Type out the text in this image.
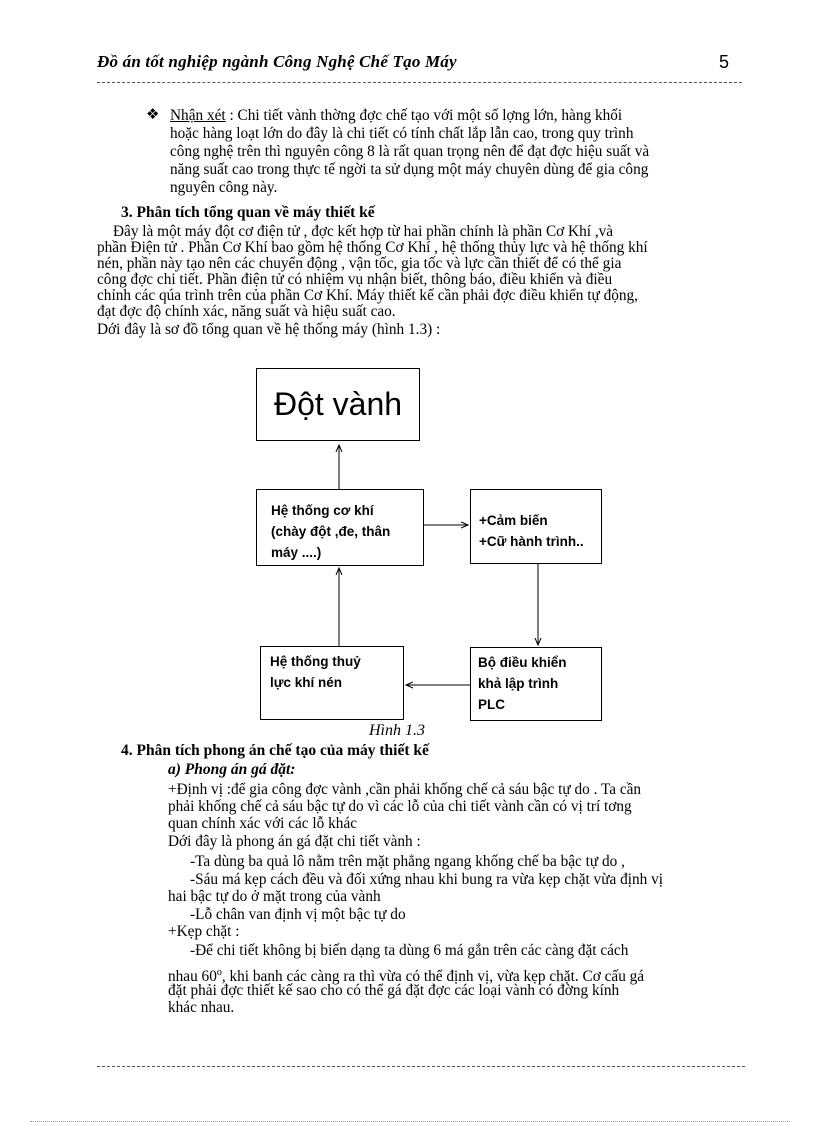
Đồ án tốt nghiệp ngành Công Nghệ Chế Tạo Máy	5
❖ Nhận xét : Chi tiết vành thờng đợc chế tạo với một số lợng lớn, hàng khối
hoặc hàng loạt lớn do đây là chi tiết có tính chất lắp lẫn cao, trong quy trình
công nghệ trên thì nguyên công 8 là rất quan trọng nên để đạt đợc hiệu suất và
năng suất cao trong thực tế ngời ta sử dụng một máy chuyên dùng để gia công
nguyên công này.
3. Phân tích tổng quan về máy thiết kế
Đây là một máy đột cơ điện tử , đợc kết hợp từ hai phần chính là phần Cơ Khí ,và
phần Điện tử . Phần Cơ Khí bao gồm hệ thống Cơ Khí , hệ thống thủy lực và hệ thống khí
nén, phần này tạo nên các chuyển động , vận tốc, gia tốc và lực cần thiết để có thể gia
công đợc chi tiết. Phần điện tử có nhiệm vụ nhận biết, thông báo, điều khiển và điều
chỉnh các qúa trình trên của phần Cơ Khí. Máy thiết kế cần phải đợc điều khiển tự động,
đạt đợc độ chính xác, năng suất và hiệu suất cao.
Dới đây là sơ đồ tổng quan về hệ thống máy (hình 1.3) :
Đột vành
Hệ thống cơ khí
(chày đột ,đe, thân
máy ....)
+Cảm biến
+Cữ hành trình..
Hệ thống thuỷ
lực khí nén
Bộ điều khiển
khả lập trình
PLC
Hình 1.3
4. Phân tích phong án chế tạo của máy thiết kế
a) Phong án gá đặt:
+Định vị :để gia công đợc vành ,cần phải khống chế cả sáu bậc tự do . Ta cần
phải khống chế cả sáu bậc tự do vì các lỗ của chi tiết vành cần có vị trí tơng
quan chính xác với các lỗ khác
Dới đây là phong án gá đặt chi tiết vành :
-Ta dùng ba quả lô nằm trên mặt phẳng ngang khống chế ba bậc tự do ,
-Sáu má kẹp cách đều và đối xứng nhau khi bung ra vừa kẹp chặt vừa định vị
hai bậc tự do ở mặt trong của vành
-Lỗ chân van định vị một bậc tự do
+Kẹp chặt :
-Để chi tiết không bị biến dạng ta dùng 6 má gắn trên các càng đặt cách
nhau 60$^o$, khi banh các càng ra thì vừa có thể định vị, vừa kẹp chặt. Cơ cấu gá
đặt phải đợc thiết kế sao cho có thể gá đặt đợc các loại vành có đờng kính
khác nhau.
